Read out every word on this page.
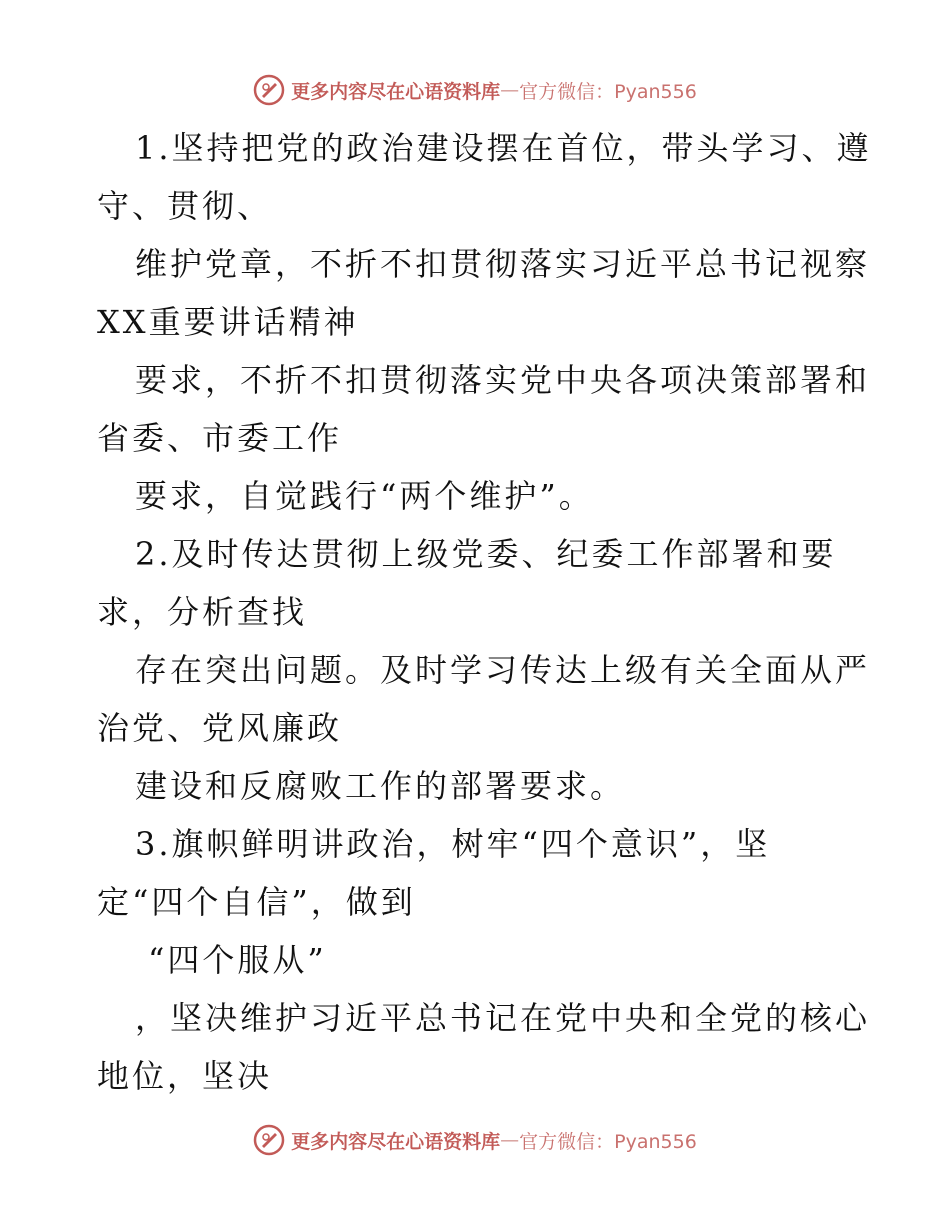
更多内容尽在心语资料库 — 官方微信：Pyan556
1.坚持把党的政治建设摆在首位，带头学习、遵
守、贯彻、
维护党章，不折不扣贯彻落实习近平总书记视察
XX重要讲话精神
要求，不折不扣贯彻落实党中央各项决策部署和
省委、市委工作
要求，自觉践行“两个维护”。
2.及时传达贯彻上级党委、纪委工作部署和要
求，分析查找
存在突出问题。及时学习传达上级有关全面从严
治党、党风廉政
建设和反腐败工作的部署要求。
3.旗帜鲜明讲政治，树牢“四个意识”，坚
定“四个自信”，做到
“四个服从”
，坚决维护习近平总书记在党中央和全党的核心
地位，坚决
更多内容尽在心语资料库 — 官方微信：Pyan556
